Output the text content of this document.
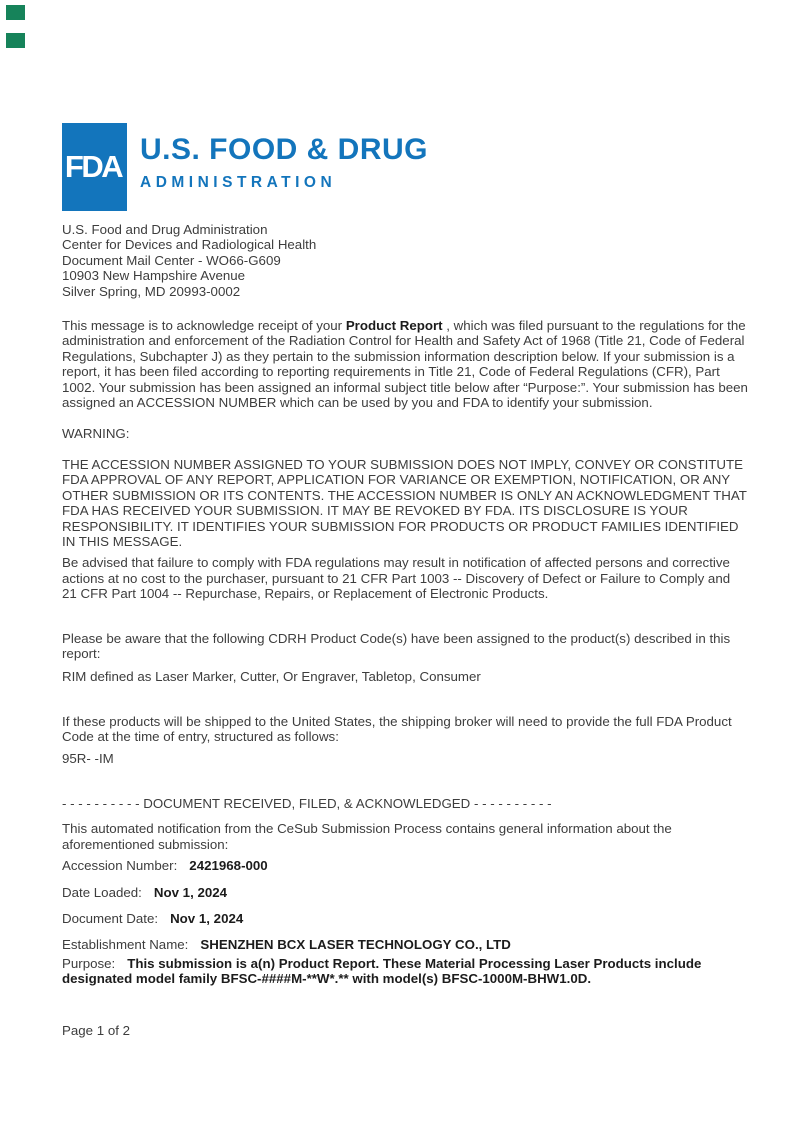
FDA U.S. FOOD & DRUG
ADMINISTRATION
U.S. Food and Drug Administration
Center for Devices and Radiological Health
Document Mail Center - WO66-G609
10903 New Hampshire Avenue
Silver Spring, MD 20993-0002

This message is to acknowledge receipt of your Product Report , which was filed pursuant to the regulations for the administration and enforcement of the Radiation Control for Health and Safety Act of 1968 (Title 21, Code of Federal Regulations, Subchapter J) as they pertain to the submission information description below. If your submission is a report, it has been filed according to reporting requirements in Title 21, Code of Federal Regulations (CFR), Part 1002. Your submission has been assigned an informal subject title below after “Purpose:”. Your submission has been assigned an ACCESSION NUMBER which can be used by you and FDA to identify your submission.

WARNING:

THE ACCESSION NUMBER ASSIGNED TO YOUR SUBMISSION DOES NOT IMPLY, CONVEY OR CONSTITUTE FDA APPROVAL OF ANY REPORT, APPLICATION FOR VARIANCE OR EXEMPTION, NOTIFICATION, OR ANY OTHER SUBMISSION OR ITS CONTENTS. THE ACCESSION NUMBER IS ONLY AN ACKNOWLEDGMENT THAT FDA HAS RECEIVED YOUR SUBMISSION. IT MAY BE REVOKED BY FDA. ITS DISCLOSURE IS YOUR RESPONSIBILITY. IT IDENTIFIES YOUR SUBMISSION FOR PRODUCTS OR PRODUCT FAMILIES IDENTIFIED IN THIS MESSAGE.

Be advised that failure to comply with FDA regulations may result in notification of affected persons and corrective actions at no cost to the purchaser, pursuant to 21 CFR Part 1003 -- Discovery of Defect or Failure to Comply and 21 CFR Part 1004 -- Repurchase, Repairs, or Replacement of Electronic Products.

Please be aware that the following CDRH Product Code(s) have been assigned to the product(s) described in this report:

RIM defined as Laser Marker, Cutter, Or Engraver, Tabletop, Consumer

If these products will be shipped to the United States, the shipping broker will need to provide the full FDA Product Code at the time of entry, structured as follows:

95R- -IM

- - - - - - - - - - DOCUMENT RECEIVED, FILED, & ACKNOWLEDGED - - - - - - - - - -

This automated notification from the CeSub Submission Process contains general information about the aforementioned submission:

Accession Number: 2421968-000

Date Loaded: Nov 1, 2024

Document Date: Nov 1, 2024

Establishment Name: SHENZHEN BCX LASER TECHNOLOGY CO., LTD

Purpose: This submission is a(n) Product Report. These Material Processing Laser Products include designated model family BFSC-####M-**W*.** with model(s) BFSC-1000M-BHW1.0D.

Page 1 of 2
